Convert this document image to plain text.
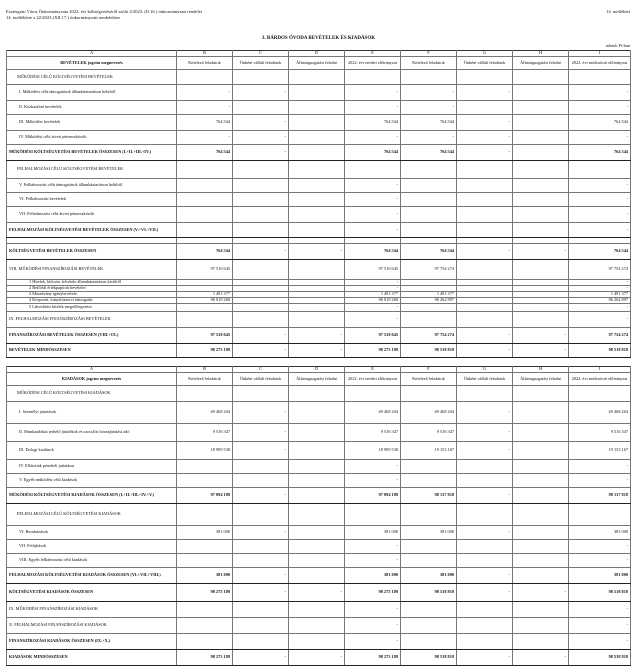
Esztergom Város Önkormányzata 2022. évi költségvetéséről szóló 2/2023. (II.16.) önkormányzati rendelet
14. melléklete a 22/2023.(XII.17.) önkormányzati rendelethez
14. melléklet
3. BÁRDOS ÓVODA BEVÉTELEK ÉS KIADÁSOK
adatok Ft-ban
A	B	C	D	E	F	G	H	I
BEVÉTELEK jogcím megnevezés	Kötelező feladatok	Önként vállalt feladatok	Államigazgatási feladat	2022. évi eredeti előirányzat	Kötelező feladatok	Önként vállalt feladatok	Államigazgatási feladat	2022. évi módosított előirányzat
MŰKÖDÉSI CÉLÚ KÖLTSÉGVETÉSI BEVÉTELEK								
I. Működési célú támogatások államháztartáson belülről	-	-		-	-	-		-
II. Közhatalmi bevételek	-			-	-			-
III. Működési bevételek	764 544	-		764 544	764 544	-		764 544
IV. Működési célú átvett pénzeszközök	-	-		-	-	-		-
MŰKÖDÉSI KÖLTSÉGVETÉSI BEVÉTELEK ÖSSZESEN (I.+II.+III.+IV.)	764 544	-		764 544	764 544	-		764 544
FELHALMOZÁSI CÉLÚ KÖLTSÉGVETÉSI BEVÉTELEK								
V. Felhalmozási célú támogatások államháztartáson belülről				-				-
VI. Felhalmozási bevételek				-				-
VII. Felhalmozási célú átvett pénzeszközök				-				-
FELHALMOZÁSI KÖLTSÉGVETÉSI BEVÉTELEK ÖSSZESEN (V.+VI.+VII.)				-				-

KÖLTSÉGVETÉSI BEVÉTELEK ÖSSZESEN	764 544	-	-	764 544	764 544	-	-	764 544
VIII. MŰKÖDÉSI FINANSZÍROZÁSI BEVÉTELEK	97 510 645			97 510 645	97 754 274			97 754 274
1 Hitelek, kölcsön felvétele államháztartáson kívülről				-				-
2 Belföldi értékpapírok bevételei				-				-
3 Maradvány igénybevétele	1 491 377			1 491 377	1 491 377			1 491 377
4 Központi, irányítószervi támogatás	96 019 268			96 019 268	96 262 897			96 262 897
5 Likviditási hitelek megelőlegezése				-				-
IX. FELHALMOZÁSI FINANSZÍROZÁSI BEVÉTELEK				-				-
FINANSZÍROZÁSI BEVÉTELEK ÖSSZESEN (VIII.+IX.)	97 510 645	-	-	97 510 645	97 754 274	-	-	97 754 274
BEVÉTELEK MINDÖSSZESEN	98 275 189	-	-	98 275 189	98 518 818	-	-	98 518 818
A	B	C	D	E	F	G	H	I
KIADÁSOK jogcím megnevezés	Kötelező feladatok	Önként vállalt feladatok	Államigazgatási feladat	2022. évi eredeti előirányzat	Kötelező feladatok	Önként vállalt feladatok	Államigazgatási feladat	2022. évi módosított előirányzat
MŰKÖDÉSI CÉLÚ KÖLTSÉGVETÉSI KIADÁSOK								
I. Személyi juttatások	69 468 204	-		69 468 204	69 468 204	-		69 468 204
II. Munkaadókat terhelő járulékok és szociális hozzájárulási adó	9 516 347	-		9 516 347	9 516 347	-		9 516 347
III. Dologi kiadások	18 909 538	-		18 909 538	19 153 167	-		19 153 167
IV. Ellátottak pénzbeli juttatásai				-				-
V. Egyéb működési célú kiadások				-				-
MŰKÖDÉSI KÖLTSÉGVETÉSI KIADÁSOK ÖSSZESEN (I.+II.+III.+IV.+V.)	97 894 189	-		97 894 189	98 137 818	-		98 137 818
FELHALMOZÁSI CÉLÚ KÖLTSÉGVETÉSI KIADÁSOK								
VI. Beruházások	381 000	-		381 000	381 000	-		381 000
VII. Felújítások				-				-
VIII. Egyéb felhalmozási célú kiadások				-				-
FELHALMOZÁSI KÖLTSÉGVETÉSI KIADÁSOK ÖSSZESEN (VI.+VII.+VIII.)	381 000	-		381 000	381 000	-		381 000
KÖLTSÉGVETÉSI KIADÁSOK ÖSSZESEN	98 275 189	-	-	98 275 189	98 518 818	-	-	98 518 818
IX. MŰKÖDÉSI FINANSZÍROZÁSI KIADÁSOK				-				-
X. FELHALMOZÁSI FINANSZÍROZÁSI KIADÁSOK				-				-
FINANSZÍROZÁSI KIADÁSOK ÖSSZESEN (IX.+X.)				-				-
KIADÁSOK MINDÖSSZESEN	98 275 189	-	-	98 275 189	98 518 818	-	-	98 518 818
